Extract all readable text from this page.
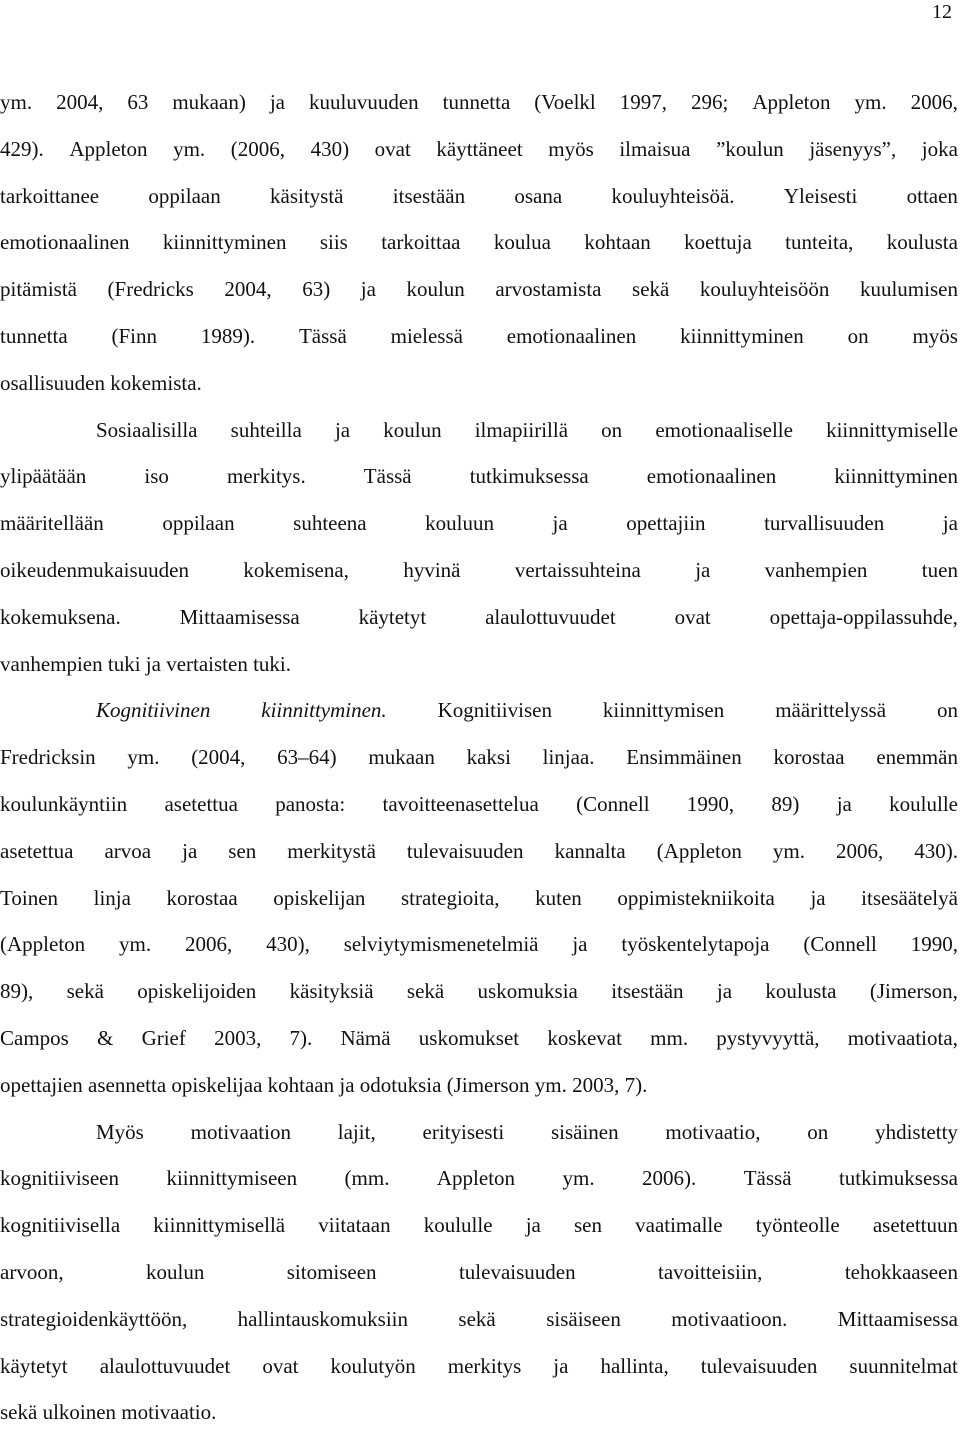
12
ym. 2004, 63 mukaan) ja kuuluvuuden tunnetta (Voelkl 1997, 296; Appleton ym. 2006,
429). Appleton ym. (2006, 430) ovat käyttäneet myös ilmaisua ”koulun jäsenyys”, joka
tarkoittanee oppilaan käsitystä itsestään osana kouluyhteisöä. Yleisesti ottaen
emotionaalinen kiinnittyminen siis tarkoittaa koulua kohtaan koettuja tunteita, koulusta
pitämistä (Fredricks 2004, 63) ja koulun arvostamista sekä kouluyhteisöön kuulumisen
tunnetta (Finn 1989). Tässä mielessä emotionaalinen kiinnittyminen on myös
osallisuuden kokemista.
Sosiaalisilla suhteilla ja koulun ilmapiirillä on emotionaaliselle kiinnittymiselle
ylipäätään	iso	merkitys.	Tässä	tutkimuksessa	emotionaalinen	kiinnittyminen
määritellään	oppilaan	suhteena	kouluun	ja	opettajiin	turvallisuuden	ja
oikeudenmukaisuuden	kokemisena,	hyvinä	vertaissuhteina	ja	vanhempien	tuen
kokemuksena.	Mittaamisessa	käytetyt	alaulottuvuudet	ovat	opettaja-oppilassuhde,
vanhempien tuki ja vertaisten tuki.
Kognitiivinen kiinnittyminen. Kognitiivisen kiinnittymisen määrittelyssä on
Fredricksin ym. (2004, 63–64) mukaan kaksi linjaa. Ensimmäinen korostaa enemmän
koulunkäyntiin asetettua panosta: tavoitteenasettelua (Connell 1990, 89) ja koululle
asetettua arvoa ja sen merkitystä tulevaisuuden kannalta (Appleton ym. 2006, 430).
Toinen linja korostaa opiskelijan strategioita, kuten oppimistekniikoita ja itsesäätelyä
(Appleton ym. 2006, 430), selviytymismenetelmiä ja työskentelytapoja (Connell 1990,
89), sekä opiskelijoiden käsityksiä sekä uskomuksia itsestään ja koulusta (Jimerson,
Campos & Grief 2003, 7). Nämä uskomukset koskevat mm. pystyvyyttä, motivaatiota,
opettajien asennetta opiskelijaa kohtaan ja odotuksia (Jimerson ym. 2003, 7).
Myös motivaation lajit, erityisesti sisäinen motivaatio, on yhdistetty
kognitiiviseen kiinnittymiseen (mm. Appleton ym. 2006). Tässä tutkimuksessa
kognitiivisella kiinnittymisellä viitataan koululle ja sen vaatimalle työnteolle asetettuun
arvoon,	koulun	sitomiseen	tulevaisuuden	tavoitteisiin,	tehokkaaseen
strategioidenkäyttöön, hallintauskomuksiin sekä sisäiseen motivaatioon. Mittaamisessa
käytetyt alaulottuvuudet ovat koulutyön merkitys ja hallinta, tulevaisuuden suunnitelmat
sekä ulkoinen motivaatio.
